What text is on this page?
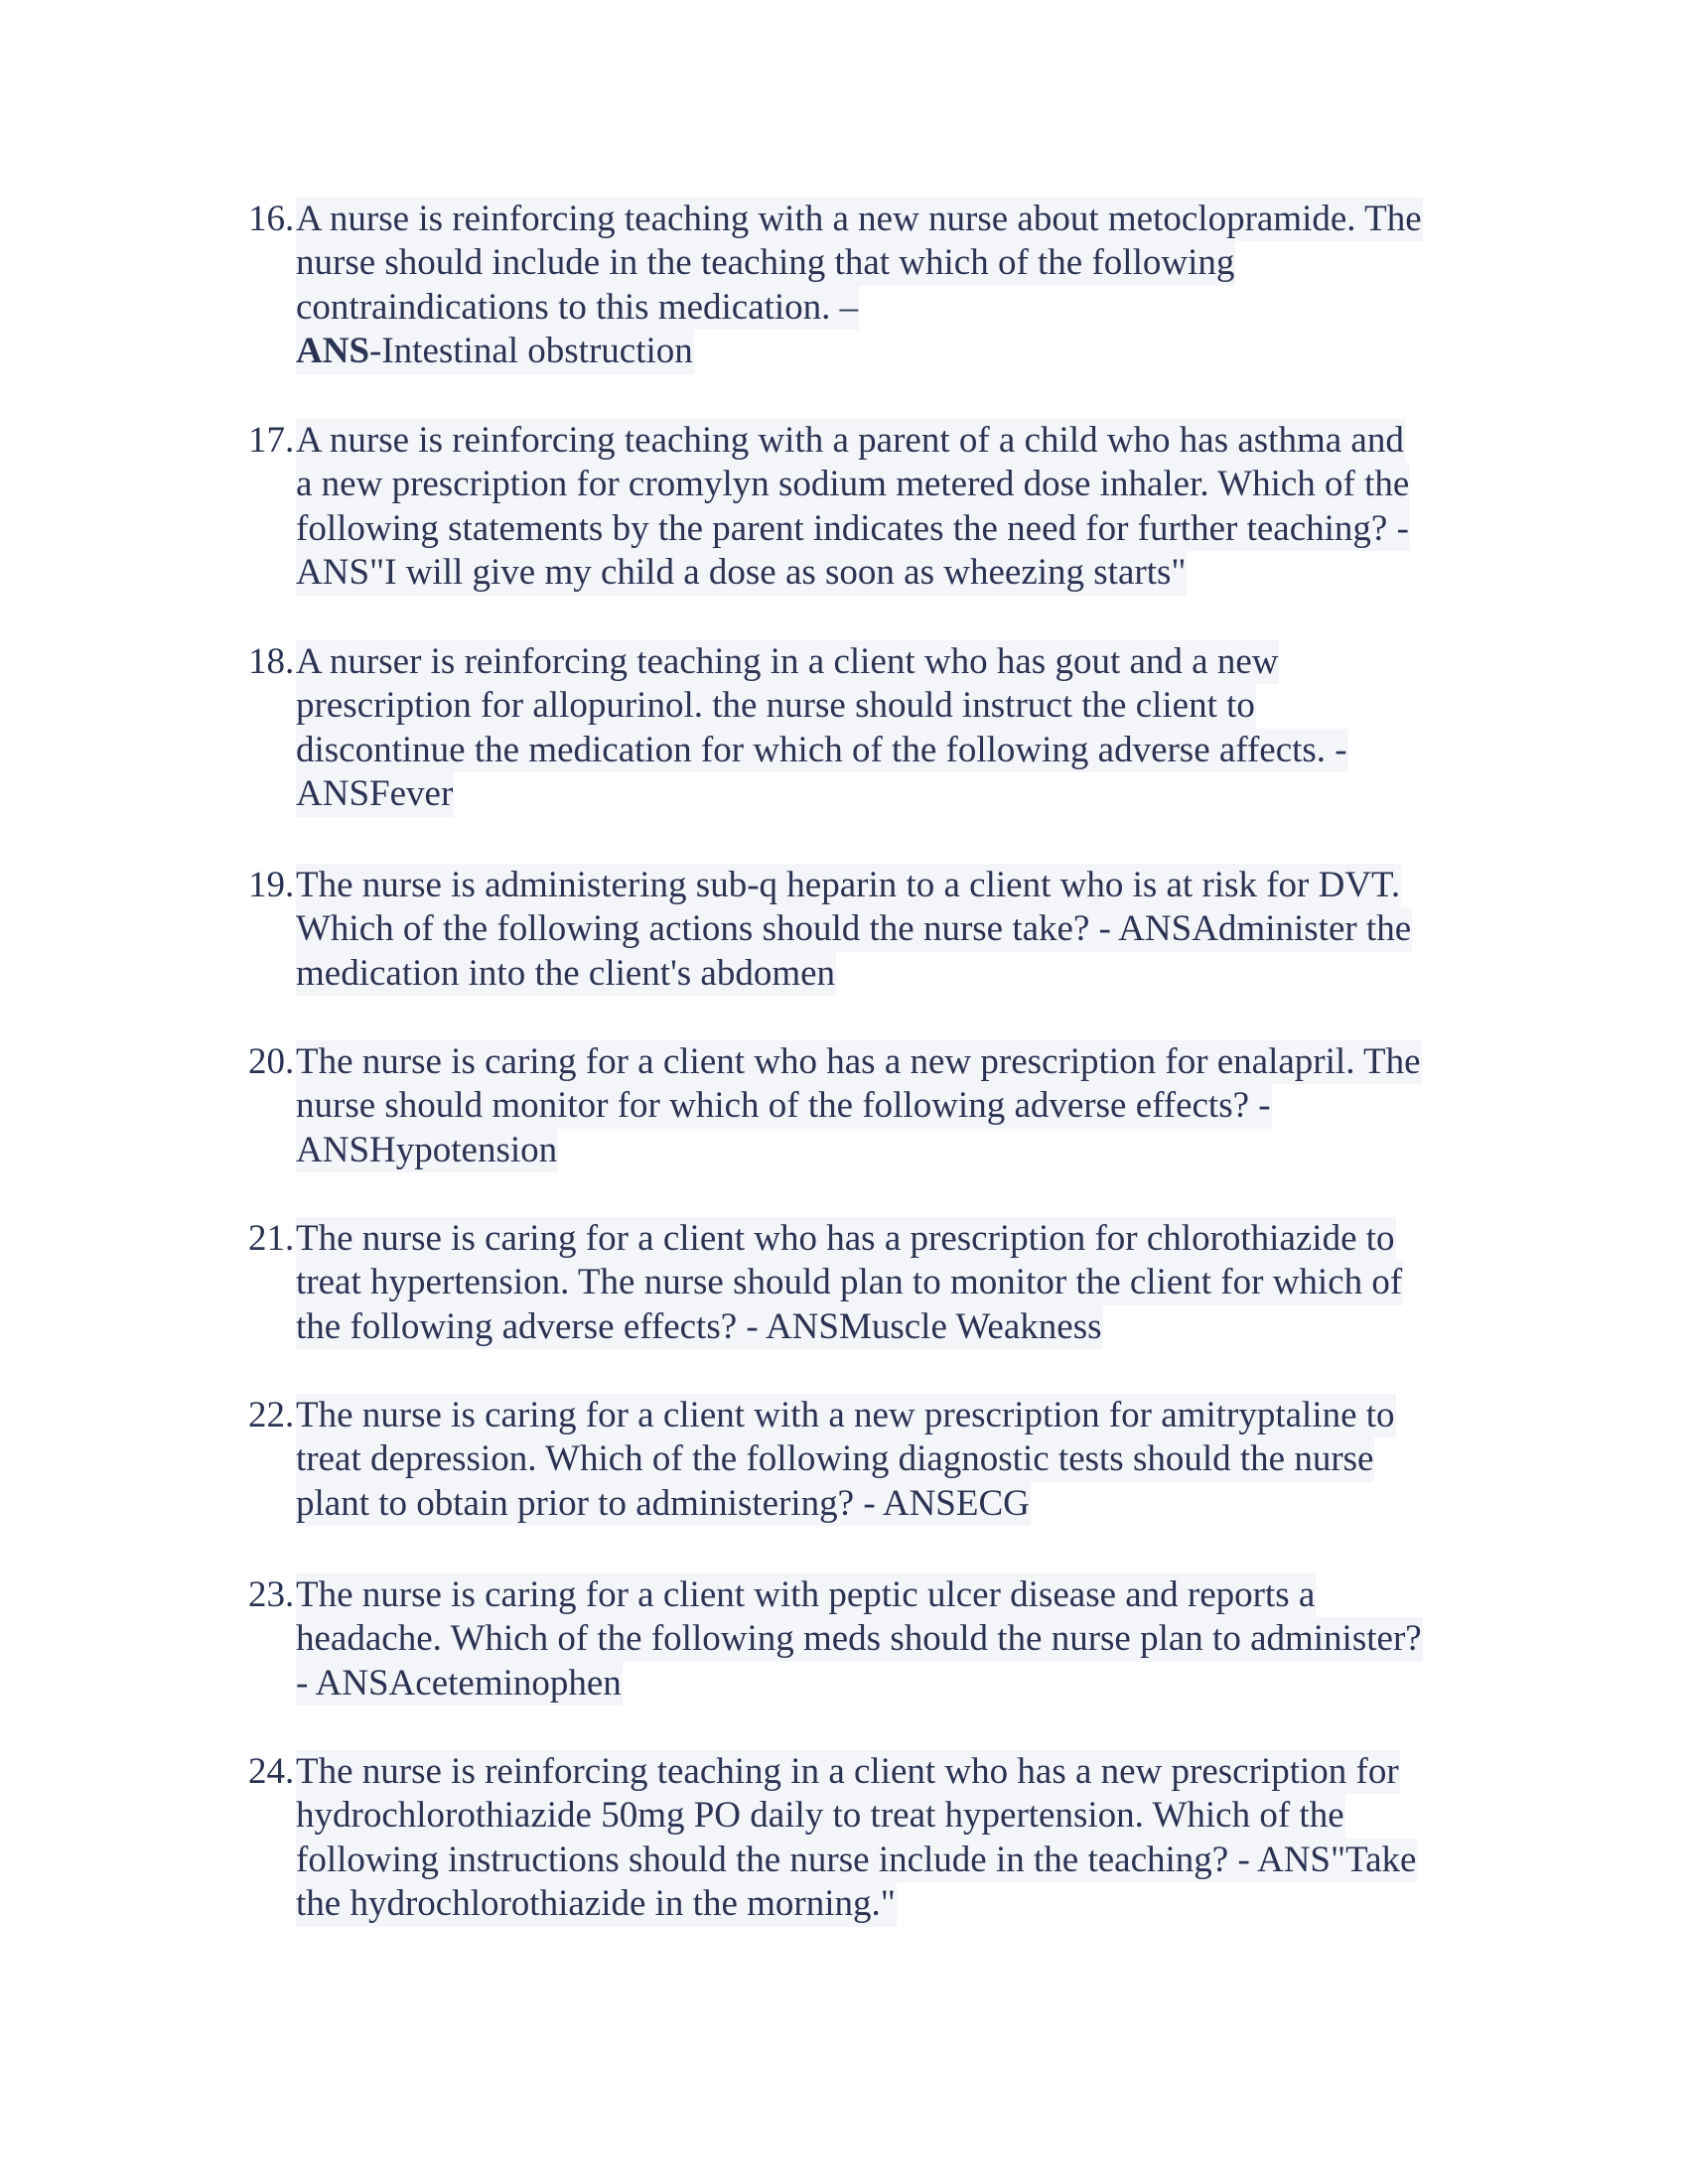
16. A nurse is reinforcing teaching with a new nurse about metoclopramide. The
nurse should include in the teaching that which of the following
contraindications to this medication. –
ANS-Intestinal obstruction
17. A nurse is reinforcing teaching with a parent of a child who has asthma and
a new prescription for cromylyn sodium metered dose inhaler. Which of the
following statements by the parent indicates the need for further teaching? -
ANS"I will give my child a dose as soon as wheezing starts"
18. A nurser is reinforcing teaching in a client who has gout and a new
prescription for allopurinol. the nurse should instruct the client to
discontinue the medication for which of the following adverse affects. -
ANSFever
19. The nurse is administering sub-q heparin to a client who is at risk for DVT.
Which of the following actions should the nurse take? - ANSAdminister the
medication into the client's abdomen
20. The nurse is caring for a client who has a new prescription for enalapril. The
nurse should monitor for which of the following adverse effects? -
ANSHypotension
21. The nurse is caring for a client who has a prescription for chlorothiazide to
treat hypertension. The nurse should plan to monitor the client for which of
the following adverse effects? - ANSMuscle Weakness
22. The nurse is caring for a client with a new prescription for amitryptaline to
treat depression. Which of the following diagnostic tests should the nurse
plant to obtain prior to administering? - ANSECG
23. The nurse is caring for a client with peptic ulcer disease and reports a
headache. Which of the following meds should the nurse plan to administer?
- ANSAceteminophen
24. The nurse is reinforcing teaching in a client who has a new prescription for
hydrochlorothiazide 50mg PO daily to treat hypertension. Which of the
following instructions should the nurse include in the teaching? - ANS"Take
the hydrochlorothiazide in the morning."
